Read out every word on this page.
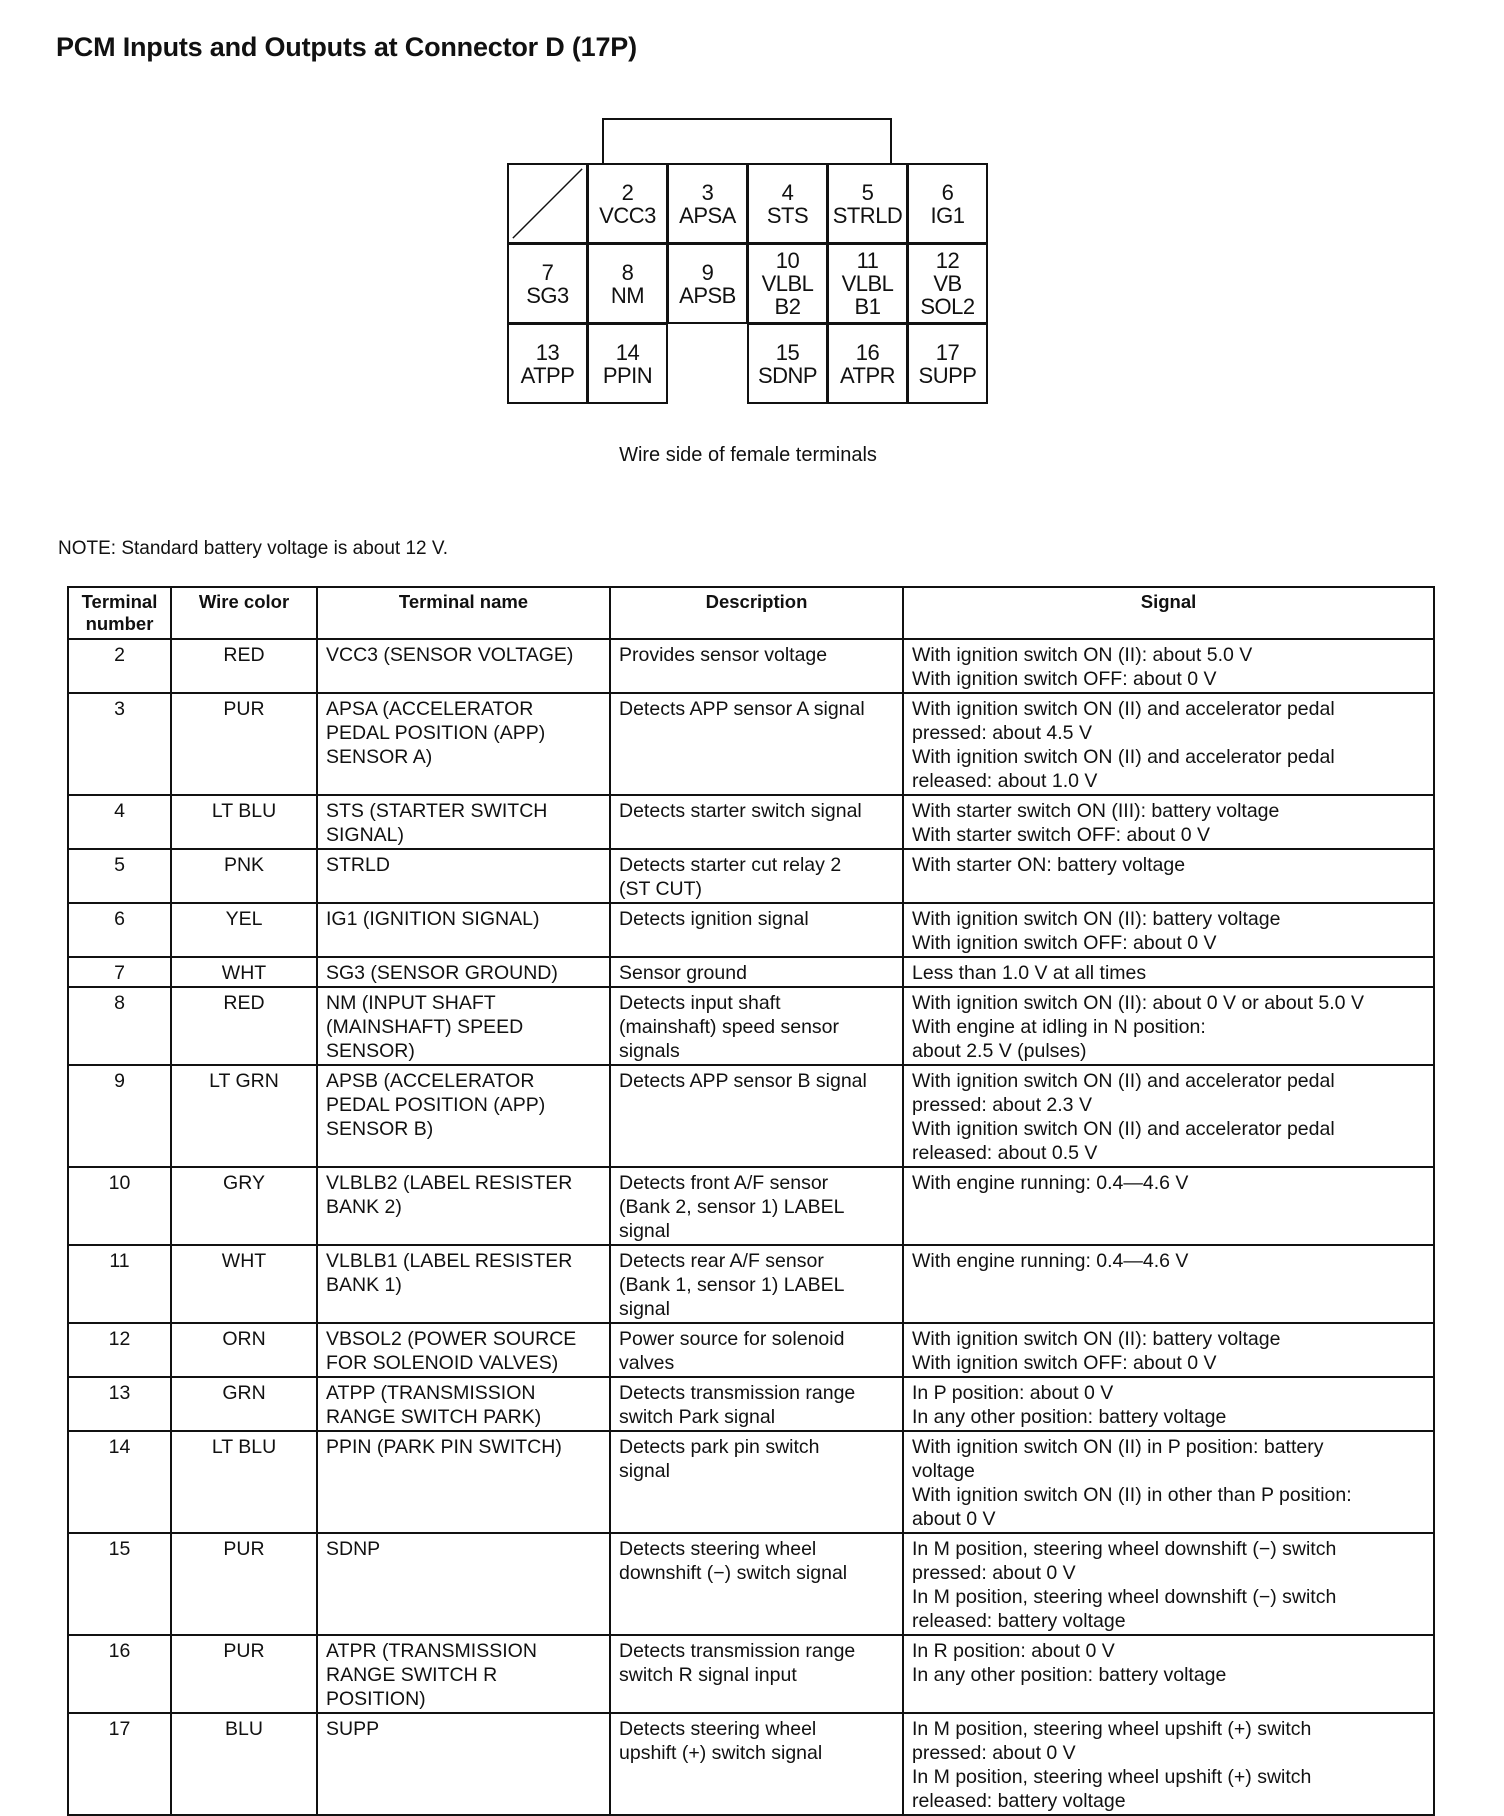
PCM Inputs and Outputs at Connector D (17P)
2
VCC3
3
APSA
4
STS
5
STRLD
6
IG1
7
SG3
8
NM
9
APSB
10
VLBL
B2
11
VLBL
B1
12
VB
SOL2
13
ATPP
14
PPIN
15
SDNP
16
ATPR
17
SUPP
Wire side of female terminals
NOTE: Standard battery voltage is about 12 V.
Terminal
number	Wire color	Terminal name	Description	Signal
2	RED	VCC3 (SENSOR VOLTAGE)	Provides sensor voltage	With ignition switch ON (II): about 5.0 V
With ignition switch OFF: about 0 V
3	PUR	APSA (ACCELERATOR
PEDAL POSITION (APP)
SENSOR A)	Detects APP sensor A signal	With ignition switch ON (II) and accelerator pedal
pressed: about 4.5 V
With ignition switch ON (II) and accelerator pedal
released: about 1.0 V
4	LT BLU	STS (STARTER SWITCH
SIGNAL)	Detects starter switch signal	With starter switch ON (III): battery voltage
With starter switch OFF: about 0 V
5	PNK	STRLD	Detects starter cut relay 2
(ST CUT)	With starter ON: battery voltage
6	YEL	IG1 (IGNITION SIGNAL)	Detects ignition signal	With ignition switch ON (II): battery voltage
With ignition switch OFF: about 0 V
7	WHT	SG3 (SENSOR GROUND)	Sensor ground	Less than 1.0 V at all times
8	RED	NM (INPUT SHAFT
(MAINSHAFT) SPEED
SENSOR)	Detects input shaft
(mainshaft) speed sensor
signals	With ignition switch ON (II): about 0 V or about 5.0 V
With engine at idling in N position:
about 2.5 V (pulses)
9	LT GRN	APSB (ACCELERATOR
PEDAL POSITION (APP)
SENSOR B)	Detects APP sensor B signal	With ignition switch ON (II) and accelerator pedal
pressed: about 2.3 V
With ignition switch ON (II) and accelerator pedal
released: about 0.5 V
10	GRY	VLBLB2 (LABEL RESISTER
BANK 2)	Detects front A/F sensor
(Bank 2, sensor 1) LABEL
signal	With engine running: 0.4—4.6 V
11	WHT	VLBLB1 (LABEL RESISTER
BANK 1)	Detects rear A/F sensor
(Bank 1, sensor 1) LABEL
signal	With engine running: 0.4—4.6 V
12	ORN	VBSOL2 (POWER SOURCE
FOR SOLENOID VALVES)	Power source for solenoid
valves	With ignition switch ON (II): battery voltage
With ignition switch OFF: about 0 V
13	GRN	ATPP (TRANSMISSION
RANGE SWITCH PARK)	Detects transmission range
switch Park signal	In P position: about 0 V
In any other position: battery voltage
14	LT BLU	PPIN (PARK PIN SWITCH)	Detects park pin switch
signal	With ignition switch ON (II) in P position: battery
voltage
With ignition switch ON (II) in other than P position:
about 0 V
15	PUR	SDNP	Detects steering wheel
downshift (−) switch signal	In M position, steering wheel downshift (−) switch
pressed: about 0 V
In M position, steering wheel downshift (−) switch
released: battery voltage
16	PUR	ATPR (TRANSMISSION
RANGE SWITCH R
POSITION)	Detects transmission range
switch R signal input	In R position: about 0 V
In any other position: battery voltage
17	BLU	SUPP	Detects steering wheel
upshift (+) switch signal	In M position, steering wheel upshift (+) switch
pressed: about 0 V
In M position, steering wheel upshift (+) switch
released: battery voltage
